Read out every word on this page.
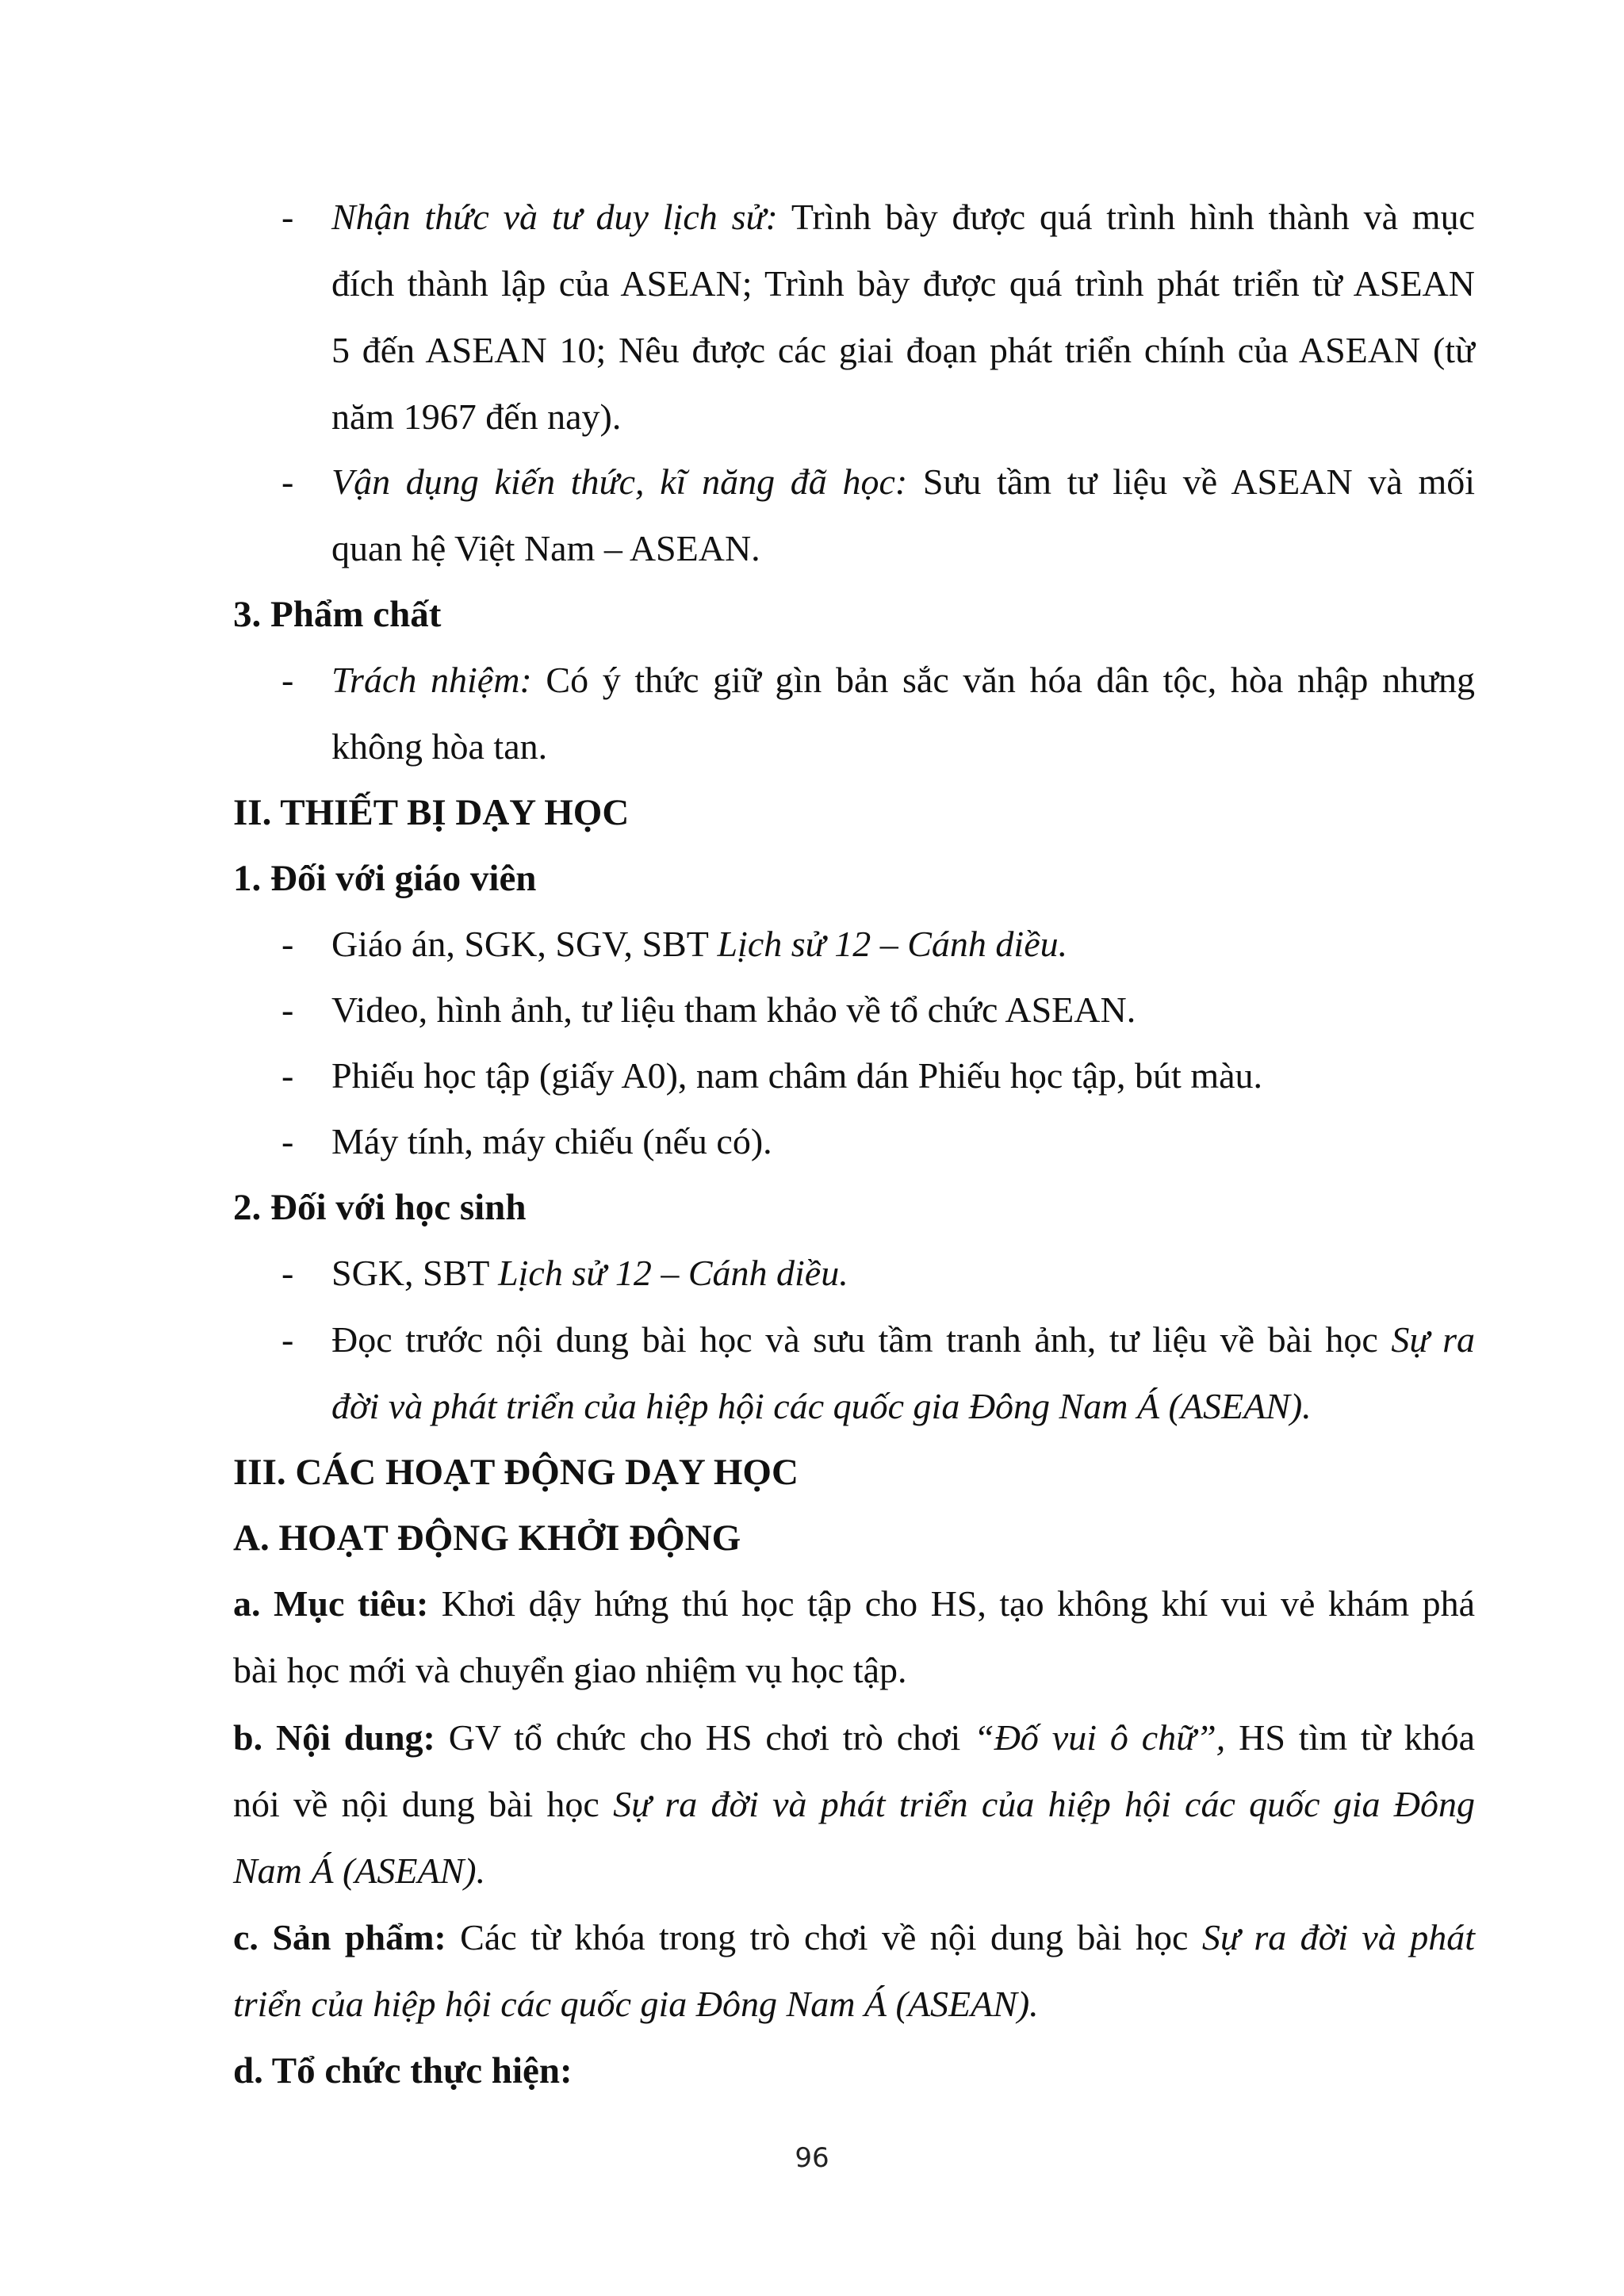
- Nhận thức và tư duy lịch sử: Trình bày được quá trình hình thành và mục
đích thành lập của ASEAN; Trình bày được quá trình phát triển từ ASEAN
5 đến ASEAN 10; Nêu được các giai đoạn phát triển chính của ASEAN (từ
năm 1967 đến nay).
- Vận dụng kiến thức, kĩ năng đã học: Sưu tầm tư liệu về ASEAN và mối
quan hệ Việt Nam – ASEAN.
3. Phẩm chất
- Trách nhiệm: Có ý thức giữ gìn bản sắc văn hóa dân tộc, hòa nhập nhưng
không hòa tan.
II. THIẾT BỊ DẠY HỌC
1. Đối với giáo viên
- Giáo án, SGK, SGV, SBT Lịch sử 12 – Cánh diều.
- Video, hình ảnh, tư liệu tham khảo về tổ chức ASEAN.
- Phiếu học tập (giấy A0), nam châm dán Phiếu học tập, bút màu.
- Máy tính, máy chiếu (nếu có).
2. Đối với học sinh
- SGK, SBT Lịch sử 12 – Cánh diều.
- Đọc trước nội dung bài học và sưu tầm tranh ảnh, tư liệu về bài học Sự ra
đời và phát triển của hiệp hội các quốc gia Đông Nam Á (ASEAN).
III. CÁC HOẠT ĐỘNG DẠY HỌC
A. HOẠT ĐỘNG KHỞI ĐỘNG
a. Mục tiêu: Khơi dậy hứng thú học tập cho HS, tạo không khí vui vẻ khám phá
bài học mới và chuyển giao nhiệm vụ học tập.
b. Nội dung: GV tổ chức cho HS chơi trò chơi “Đố vui ô chữ”, HS tìm từ khóa
nói về nội dung bài học Sự ra đời và phát triển của hiệp hội các quốc gia Đông
Nam Á (ASEAN).
c. Sản phẩm: Các từ khóa trong trò chơi về nội dung bài học Sự ra đời và phát
triển của hiệp hội các quốc gia Đông Nam Á (ASEAN).
d. Tổ chức thực hiện:
96
